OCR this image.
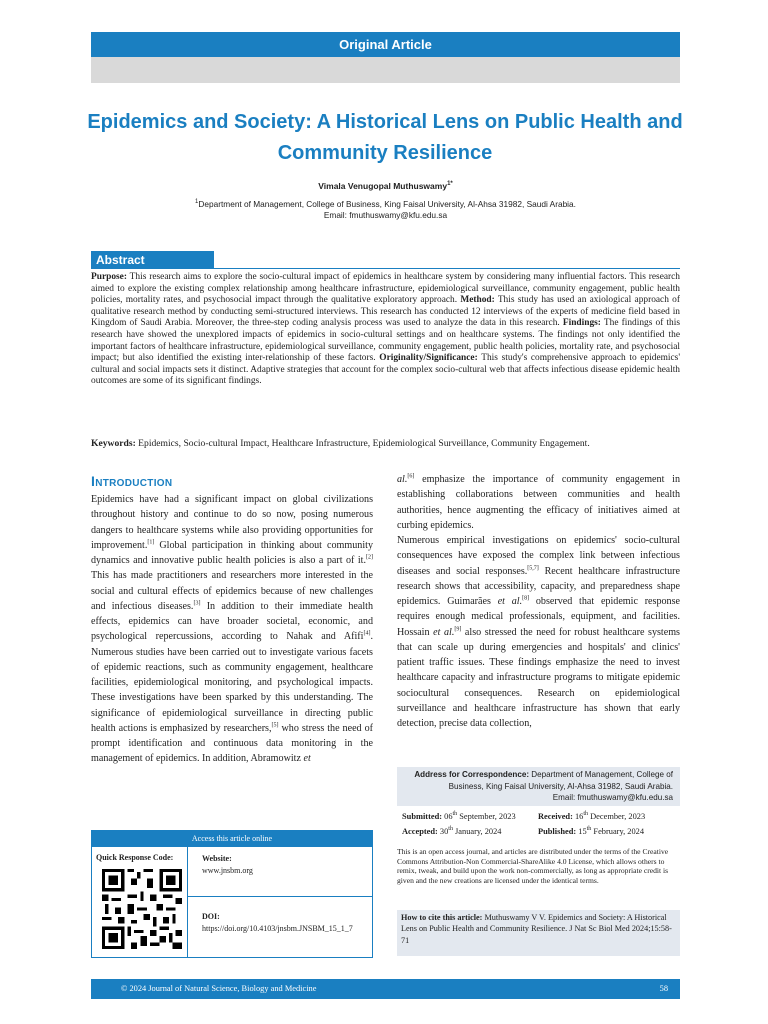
Original Article
Epidemics and Society: A Historical Lens on Public Health and Community Resilience
Vimala Venugopal Muthuswamy$^{1*}$
$^1$Department of Management, College of Business, King Faisal University, Al-Ahsa 31982, Saudi Arabia.
Email: fmuthuswamy@kfu.edu.sa
Abstract
Purpose: This research aims to explore the socio-cultural impact of epidemics in healthcare system by considering many influential factors. This research aimed to explore the existing complex relationship among healthcare infrastructure, epidemiological surveillance, community engagement, public health policies, mortality rates, and psychosocial impact through the qualitative exploratory approach. Method: This study has used an axiological approach of qualitative research method by conducting semi-structured interviews. This research has conducted 12 interviews of the experts of medicine field based in Kingdom of Saudi Arabia. Moreover, the three-step coding analysis process was used to analyze the data in this research. Findings: The findings of this research have showed the unexplored impacts of epidemics in socio-cultural settings and on healthcare systems. The findings not only identified the important factors of healthcare infrastructure, epidemiological surveillance, community engagement, public health policies, mortality rate, and psychosocial impact; but also identified the existing inter-relationship of these factors. Originality/Significance: This study's comprehensive approach to epidemics' cultural and social impacts sets it distinct. Adaptive strategies that account for the complex socio-cultural web that affects infectious disease epidemic health outcomes are some of its significant findings.
Keywords: Epidemics, Socio-cultural Impact, Healthcare Infrastructure, Epidemiological Surveillance, Community Engagement.
Introduction
Epidemics have had a significant impact on global civilizations throughout history and continue to do so now, posing numerous dangers to healthcare systems while also providing opportunities for improvement.[1] Global participation in thinking about community dynamics and innovative public health policies is also a part of it.[2] This has made practitioners and researchers more interested in the social and cultural effects of epidemics because of new challenges and infectious diseases.[3] In addition to their immediate health effects, epidemics can have broader societal, economic, and psychological repercussions, according to Nahak and Afifi[4]. Numerous studies have been carried out to investigate various facets of epidemic reactions, such as community engagement, healthcare facilities, epidemiological monitoring, and psychological impacts. These investigations have been sparked by this understanding. The significance of epidemiological surveillance in directing public health actions is emphasized by researchers,[5] who stress the need of prompt identification and continuous data monitoring in the management of epidemics. In addition, Abramowitz et

al.[6] emphasize the importance of community engagement in establishing collaborations between communities and health authorities, hence augmenting the efficacy of initiatives aimed at curbing epidemics.

Numerous empirical investigations on epidemics' socio-cultural consequences have exposed the complex link between infectious diseases and social responses.[5,7] Recent healthcare infrastructure research shows that accessibility, capacity, and preparedness shape epidemics. Guimarães et al.[8] observed that epidemic response requires enough medical professionals, equipment, and facilities. Hossain et al.[9] also stressed the need for robust healthcare systems that can scale up during emergencies and hospitals' and clinics' patient traffic issues. These findings emphasize the need to invest healthcare capacity and infrastructure programs to mitigate epidemic sociocultural consequences. Research on epidemiological surveillance and healthcare infrastructure has shown that early detection, precise data collection,

Address for Correspondence: Department of Management, College of Business, King Faisal University, Al-Ahsa 31982, Saudi Arabia.
Email: fmuthuswamy@kfu.edu.sa
Submitted: 06th September, 2023	Received: 16th December, 2023
Accepted: 30th January, 2024	Published: 15th February, 2024
This is an open access journal, and articles are distributed under the terms of the Creative Commons Attribution-Non Commercial-ShareAlike 4.0 License, which allows others to remix, tweak, and build upon the work non-commercially, as long as appropriate credit is given and the new creations are licensed under the identical terms.
How to cite this article: Muthuswamy V V. Epidemics and Society: A Historical Lens on Public Health and Community Resilience. J Nat Sc Biol Med 2024;15:58-71
Access this article online
Quick Response Code:	Website:
www.jnsbm.org
DOI:
https://doi.org/10.4103/jnsbm.JNSBM_15_1_7
© 2024 Journal of Natural Science, Biology and Medicine	58
